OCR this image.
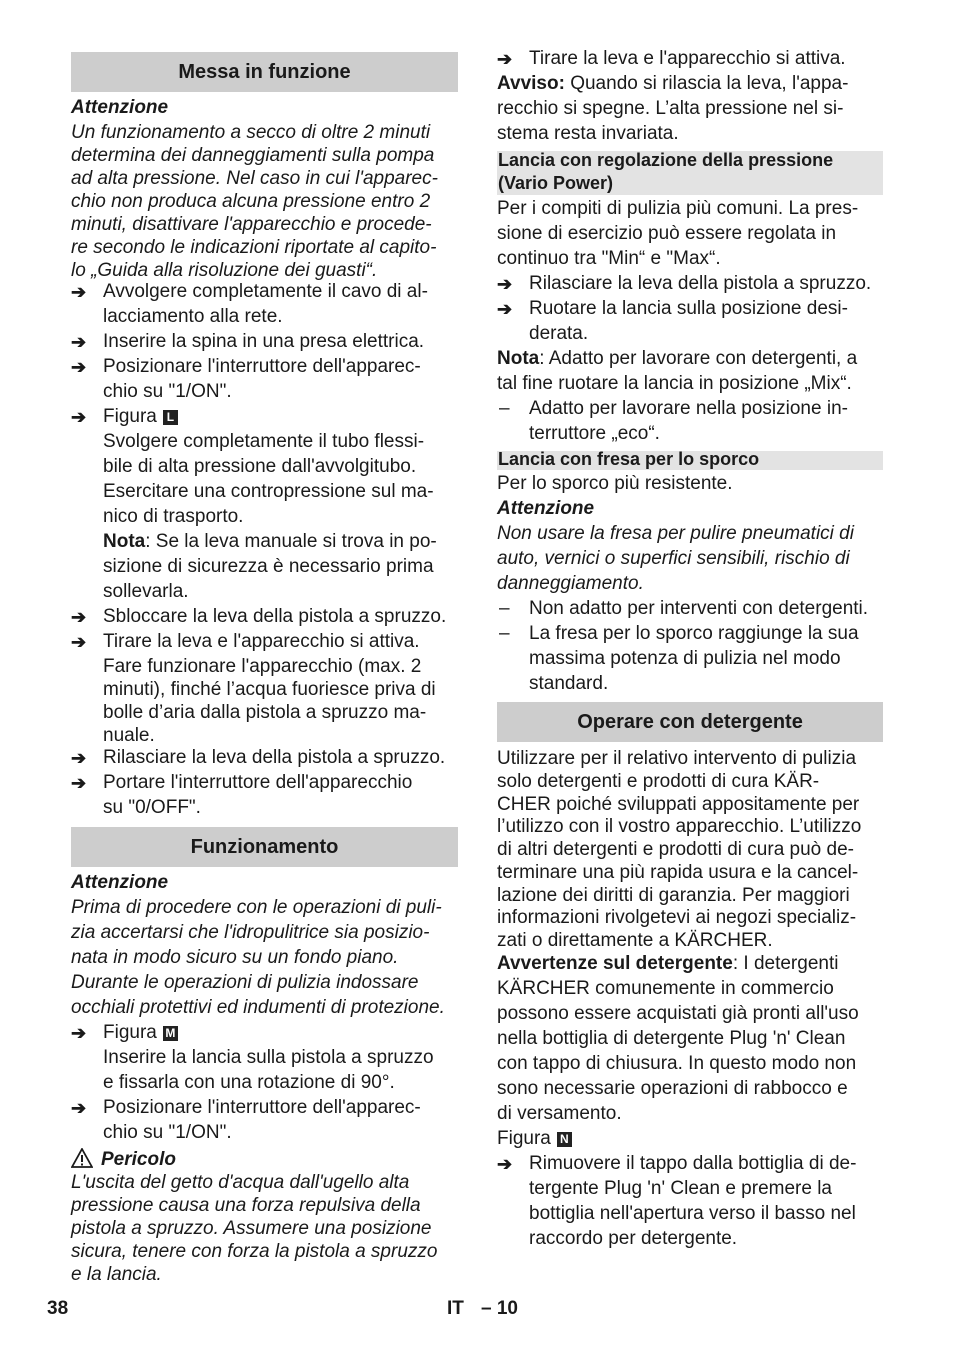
Messa in funzione
Attenzione
Un funzionamento a secco di oltre 2 minuti
determina dei danneggiamenti sulla pompa
ad alta pressione. Nel caso in cui l'apparec-
chio non produca alcuna pressione entro 2
minuti, disattivare l'apparecchio e procede-
re secondo le indicazioni riportate al capito-
lo „Guida alla risoluzione dei guasti“.
➔ Avvolgere completamente il cavo di al-
lacciamento alla rete.
➔ Inserire la spina in una presa elettrica.
➔ Posizionare l'interruttore dell'apparec-
chio su "1/ON".
➔ Figura L
Svolgere completamente il tubo flessi-
bile di alta pressione dall'avvolgitubo.
Esercitare una contropressione sul ma-
nico di trasporto.
Nota: Se la leva manuale si trova in po-
sizione di sicurezza è necessario prima
sollevarla.
➔ Sbloccare la leva della pistola a spruzzo.
➔ Tirare la leva e l'apparecchio si attiva.
Fare funzionare l'apparecchio (max. 2
minuti), finché l’acqua fuoriesce priva di
bolle d’aria dalla pistola a spruzzo ma-
nuale.
➔ Rilasciare la leva della pistola a spruzzo.
➔ Portare l'interruttore dell'apparecchio
su "0/OFF".
Funzionamento
Attenzione
Prima di procedere con le operazioni di puli-
zia accertarsi che l'idropulitrice sia posizio-
nata in modo sicuro su un fondo piano.
Durante le operazioni di pulizia indossare
occhiali protettivi ed indumenti di protezione.
➔ Figura M
Inserire la lancia sulla pistola a spruzzo
e fissarla con una rotazione di 90°.
➔ Posizionare l'interruttore dell'apparec-
chio su "1/ON".
Pericolo
L'uscita del getto d'acqua dall'ugello alta
pressione causa una forza repulsiva della
pistola a spruzzo. Assumere una posizione
sicura, tenere con forza la pistola a spruzzo
e la lancia.
➔ Tirare la leva e l'apparecchio si attiva.
Avviso: Quando si rilascia la leva, l'appa-
recchio si spegne. L’alta pressione nel si-
stema resta invariata.
Lancia con regolazione della pressione
(Vario Power)
Per i compiti di pulizia più comuni. La pres-
sione di esercizio può essere regolata in
continuo tra "Min“ e "Max“.
➔ Rilasciare la leva della pistola a spruzzo.
➔ Ruotare la lancia sulla posizione desi-
derata.
Nota: Adatto per lavorare con detergenti, a
tal fine ruotare la lancia in posizione „Mix“.
– Adatto per lavorare nella posizione in-
terruttore „eco“.
Lancia con fresa per lo sporco
Per lo sporco più resistente.
Attenzione
Non usare la fresa per pulire pneumatici di
auto, vernici o superfici sensibili, rischio di
danneggiamento.
– Non adatto per interventi con detergenti.
– La fresa per lo sporco raggiunge la sua
massima potenza di pulizia nel modo
standard.
Operare con detergente
Utilizzare per il relativo intervento di pulizia
solo detergenti e prodotti di cura KÄR-
CHER poiché sviluppati appositamente per
l’utilizzo con il vostro apparecchio. L’utilizzo
di altri detergenti e prodotti di cura può de-
terminare una più rapida usura e la cancel-
lazione dei diritti di garanzia. Per maggiori
informazioni rivolgetevi ai negozi specializ-
zati o direttamente a KÄRCHER.
Avvertenze sul detergente: I detergenti
KÄRCHER comunemente in commercio
possono essere acquistati già pronti all'uso
nella bottiglia di detergente Plug 'n' Clean
con tappo di chiusura. In questo modo non
sono necessarie operazioni di rabbocco e
di versamento.
Figura N
➔ Rimuovere il tappo dalla bottiglia di de-
tergente Plug 'n' Clean e premere la
bottiglia nell'apertura verso il basso nel
raccordo per detergente.
38	IT – 10
